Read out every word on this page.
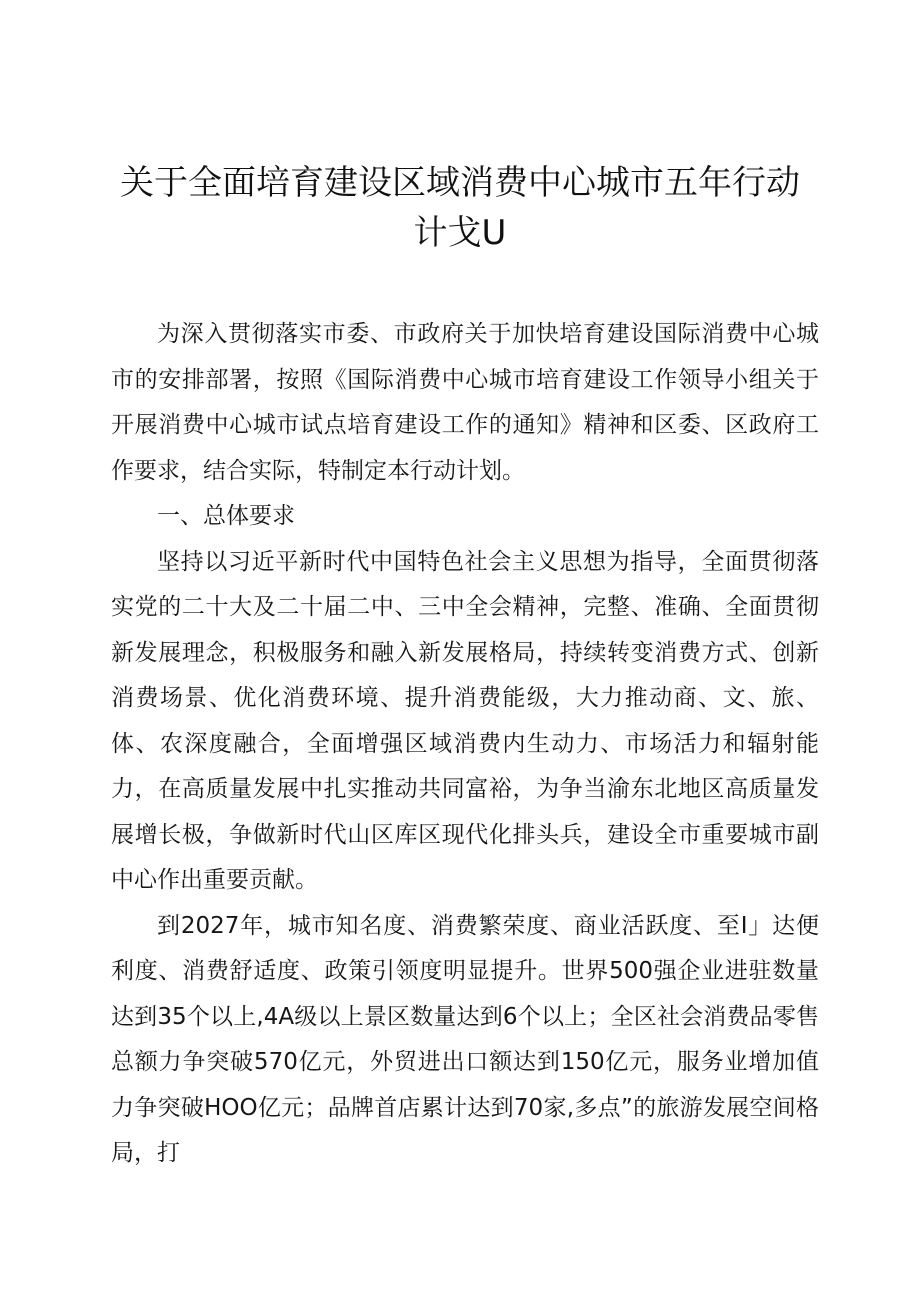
关于全面培育建设区域消费中心城市五年行动
计戈U

为深入贯彻落实市委、市政府关于加快培育建设国际消费中心城市的安排部署，按照《国际消费中心城市培育建设工作领导小组关于开展消费中心城市试点培育建设工作的通知》精神和区委、区政府工作要求，结合实际，特制定本行动计划。

一、总体要求

坚持以习近平新时代中国特色社会主义思想为指导，全面贯彻落实党的二十大及二十届二中、三中全会精神，完整、准确、全面贯彻新发展理念，积极服务和融入新发展格局，持续转变消费方式、创新消费场景、优化消费环境、提升消费能级，大力推动商、文、旅、体、农深度融合，全面增强区域消费内生动力、市场活力和辐射能力，在高质量发展中扎实推动共同富裕，为争当渝东北地区高质量发展增长极，争做新时代山区库区现代化排头兵，建设全市重要城市副中心作出重要贡献。

到2027年，城市知名度、消费繁荣度、商业活跃度、至I」达便利度、消费舒适度、政策引领度明显提升。世界500强企业进驻数量达到35个以上,4A级以上景区数量达到6个以上；全区社会消费品零售总额力争突破570亿元，外贸进出口额达到150亿元，服务业增加值力争突破HOO亿元；品牌首店累计达到70家,多点”的旅游发展空间格局，打
